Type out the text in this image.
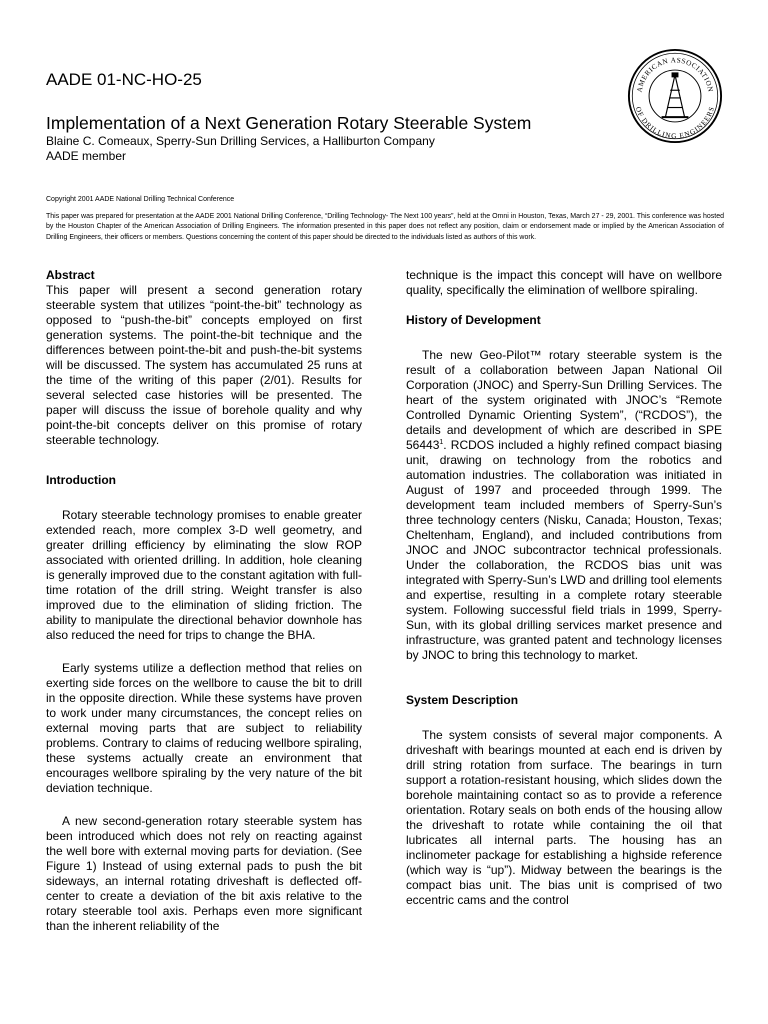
AADE 01-NC-HO-25
Implementation of a Next Generation Rotary Steerable System
Blaine C. Comeaux, Sperry-Sun Drilling Services, a Halliburton Company
AADE member
AMERICAN ASSOCIATION
OF DRILLING ENGINEERS
Copyright 2001 AADE National Drilling Technical Conference
This paper was prepared for presentation at the AADE 2001 National Drilling Conference, “Drilling Technology- The Next 100 years”, held at the Omni in Houston, Texas, March 27 - 29, 2001. This conference was hosted by the Houston Chapter of the American Association of Drilling Engineers. The information presented in this paper does not reflect any position, claim or endorsement made or implied by the American Association of Drilling Engineers, their officers or members. Questions concerning the content of this paper should be directed to the individuals listed as authors of this work.
Abstract

This paper will present a second generation rotary steerable system that utilizes “point-the-bit” technology as opposed to “push-the-bit” concepts employed on first generation systems. The point-the-bit technique and the differences between point-the-bit and push-the-bit systems will be discussed. The system has accumulated 25 runs at the time of the writing of this paper (2/01). Results for several selected case histories will be presented. The paper will discuss the issue of borehole quality and why point-the-bit concepts deliver on this promise of rotary steerable technology.

Introduction

Rotary steerable technology promises to enable greater extended reach, more complex 3-D well geometry, and greater drilling efficiency by eliminating the slow ROP associated with oriented drilling. In addition, hole cleaning is generally improved due to the constant agitation with full-time rotation of the drill string. Weight transfer is also improved due to the elimination of sliding friction. The ability to manipulate the directional behavior downhole has also reduced the need for trips to change the BHA.

Early systems utilize a deflection method that relies on exerting side forces on the wellbore to cause the bit to drill in the opposite direction. While these systems have proven to work under many circumstances, the concept relies on external moving parts that are subject to reliability problems. Contrary to claims of reducing wellbore spiraling, these systems actually create an environment that encourages wellbore spiraling by the very nature of the bit deviation technique.

A new second-generation rotary steerable system has been introduced which does not rely on reacting against the well bore with external moving parts for deviation. (See Figure 1) Instead of using external pads to push the bit sideways, an internal rotating driveshaft is deflected off-center to create a deviation of the bit axis relative to the rotary steerable tool axis. Perhaps even more significant than the inherent reliability of the

technique is the impact this concept will have on wellbore quality, specifically the elimination of wellbore spiraling.

History of Development

The new Geo-Pilot™ rotary steerable system is the result of a collaboration between Japan National Oil Corporation (JNOC) and Sperry-Sun Drilling Services. The heart of the system originated with JNOC’s “Remote Controlled Dynamic Orienting System”, (“RCDOS”), the details and development of which are described in SPE 56443$^1$. RCDOS included a highly refined compact biasing unit, drawing on technology from the robotics and automation industries. The collaboration was initiated in August of 1997 and proceeded through 1999. The development team included members of Sperry-Sun’s three technology centers (Nisku, Canada; Houston, Texas; Cheltenham, England), and included contributions from JNOC and JNOC subcontractor technical professionals. Under the collaboration, the RCDOS bias unit was integrated with Sperry-Sun’s LWD and drilling tool elements and expertise, resulting in a complete rotary steerable system. Following successful field trials in 1999, Sperry-Sun, with its global drilling services market presence and infrastructure, was granted patent and technology licenses by JNOC to bring this technology to market.

System Description

The system consists of several major components. A driveshaft with bearings mounted at each end is driven by drill string rotation from surface. The bearings in turn support a rotation-resistant housing, which slides down the borehole maintaining contact so as to provide a reference orientation. Rotary seals on both ends of the housing allow the driveshaft to rotate while containing the oil that lubricates all internal parts. The housing has an inclinometer package for establishing a highside reference (which way is “up”). Midway between the bearings is the compact bias unit. The bias unit is comprised of two eccentric cams and the control
